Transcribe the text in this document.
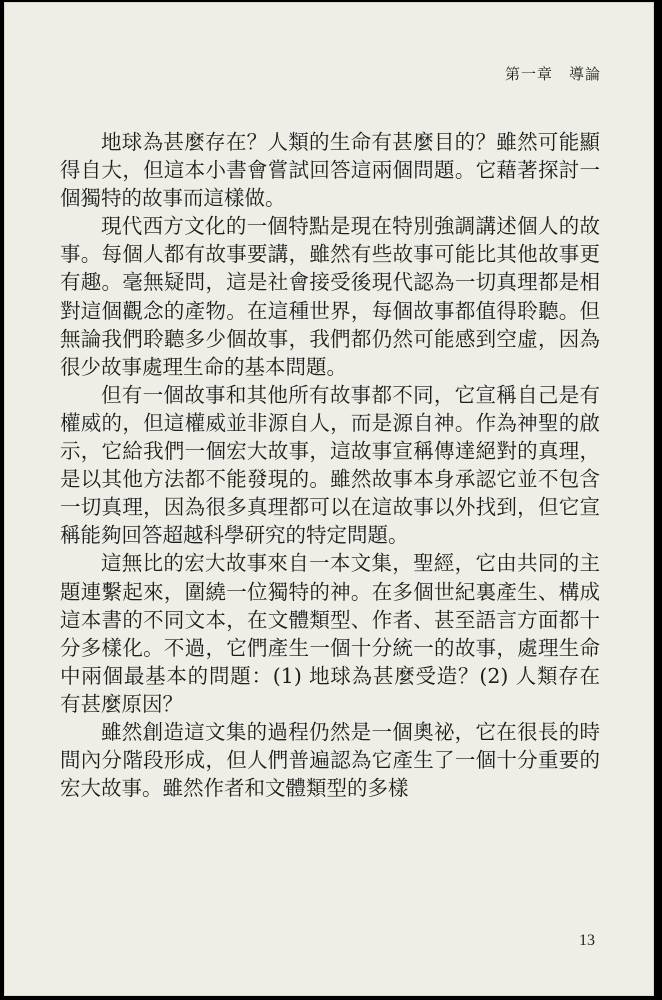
第一章　導論

地球為甚麼存在？人類的生命有甚麼目的？雖然可能顯得自大，但這本小書會嘗試回答這兩個問題。它藉著探討一個獨特的故事而這樣做。

現代西方文化的一個特點是現在特別強調講述個人的故事。每個人都有故事要講，雖然有些故事可能比其他故事更有趣。毫無疑問，這是社會接受後現代認為一切真理都是相對這個觀念的產物。在這種世界，每個故事都值得聆聽。但無論我們聆聽多少個故事，我們都仍然可能感到空虛，因為很少故事處理生命的基本問題。

但有一個故事和其他所有故事都不同，它宣稱自己是有權威的，但這權威並非源自人，而是源自神。作為神聖的啟示，它給我們一個宏大故事，這故事宣稱傳達絕對的真理，是以其他方法都不能發現的。雖然故事本身承認它並不包含一切真理，因為很多真理都可以在這故事以外找到，但它宣稱能夠回答超越科學研究的特定問題。

這無比的宏大故事來自一本文集，聖經，它由共同的主題連繫起來，圍繞一位獨特的神。在多個世紀裏產生、構成這本書的不同文本，在文體類型、作者、甚至語言方面都十分多樣化。不過，它們產生一個十分統一的故事，處理生命中兩個最基本的問題：(1) 地球為甚麼受造？(2) 人類存在有甚麼原因？

雖然創造這文集的過程仍然是一個奧祕，它在很長的時間內分階段形成，但人們普遍認為它產生了一個十分重要的宏大故事。雖然作者和文體類型的多樣

13
